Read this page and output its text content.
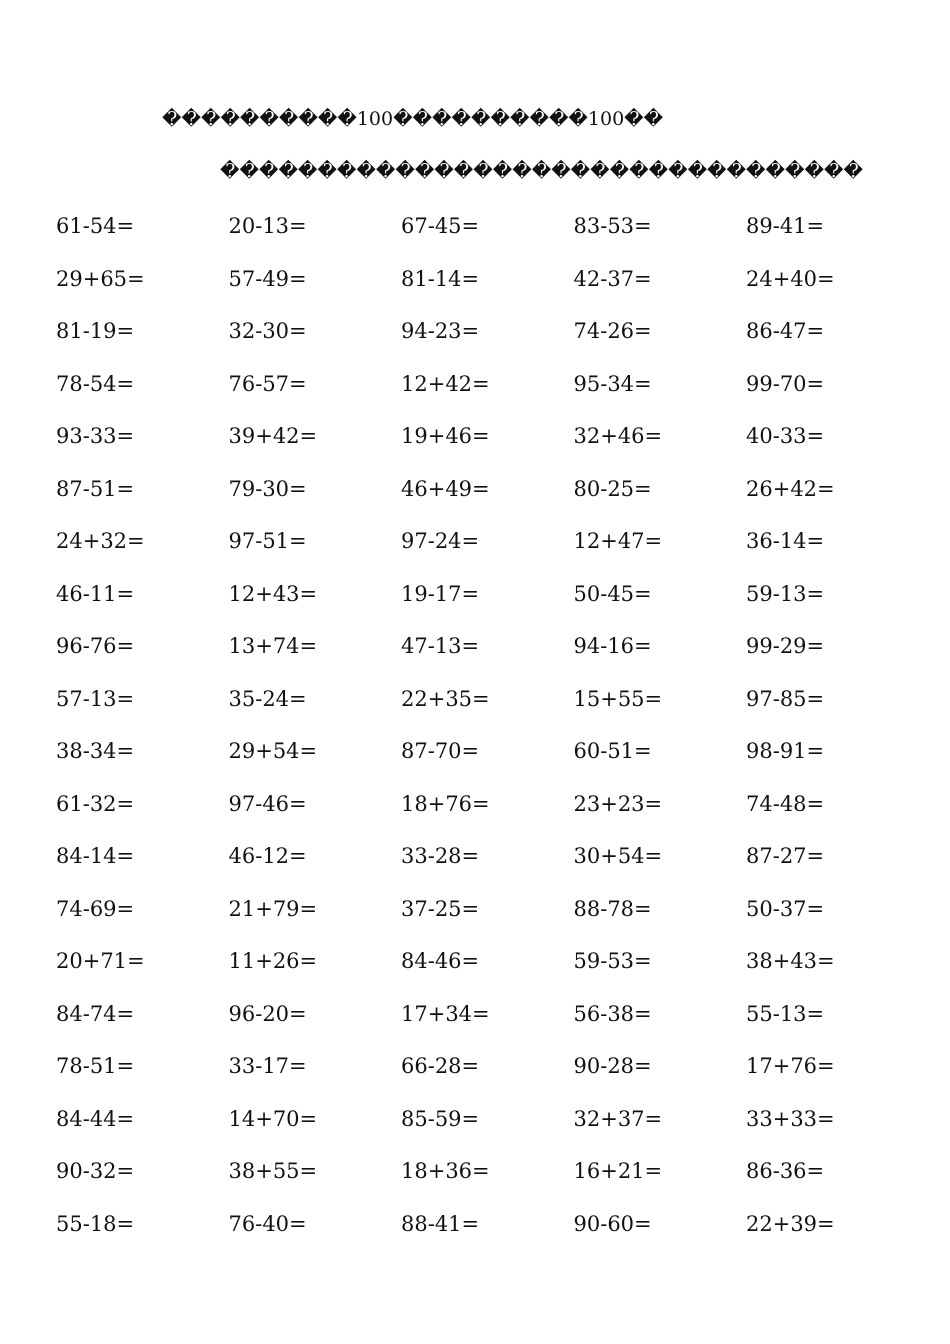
����������100����������100��
���������������������������������
61-54=	20-13=	67-45=	83-53=	89-41=
29+65=	57-49=	81-14=	42-37=	24+40=
81-19=	32-30=	94-23=	74-26=	86-47=
78-54=	76-57=	12+42=	95-34=	99-70=
93-33=	39+42=	19+46=	32+46=	40-33=
87-51=	79-30=	46+49=	80-25=	26+42=
24+32=	97-51=	97-24=	12+47=	36-14=
46-11=	12+43=	19-17=	50-45=	59-13=
96-76=	13+74=	47-13=	94-16=	99-29=
57-13=	35-24=	22+35=	15+55=	97-85=
38-34=	29+54=	87-70=	60-51=	98-91=
61-32=	97-46=	18+76=	23+23=	74-48=
84-14=	46-12=	33-28=	30+54=	87-27=
74-69=	21+79=	37-25=	88-78=	50-37=
20+71=	11+26=	84-46=	59-53=	38+43=
84-74=	96-20=	17+34=	56-38=	55-13=
78-51=	33-17=	66-28=	90-28=	17+76=
84-44=	14+70=	85-59=	32+37=	33+33=
90-32=	38+55=	18+36=	16+21=	86-36=
55-18=	76-40=	88-41=	90-60=	22+39=
